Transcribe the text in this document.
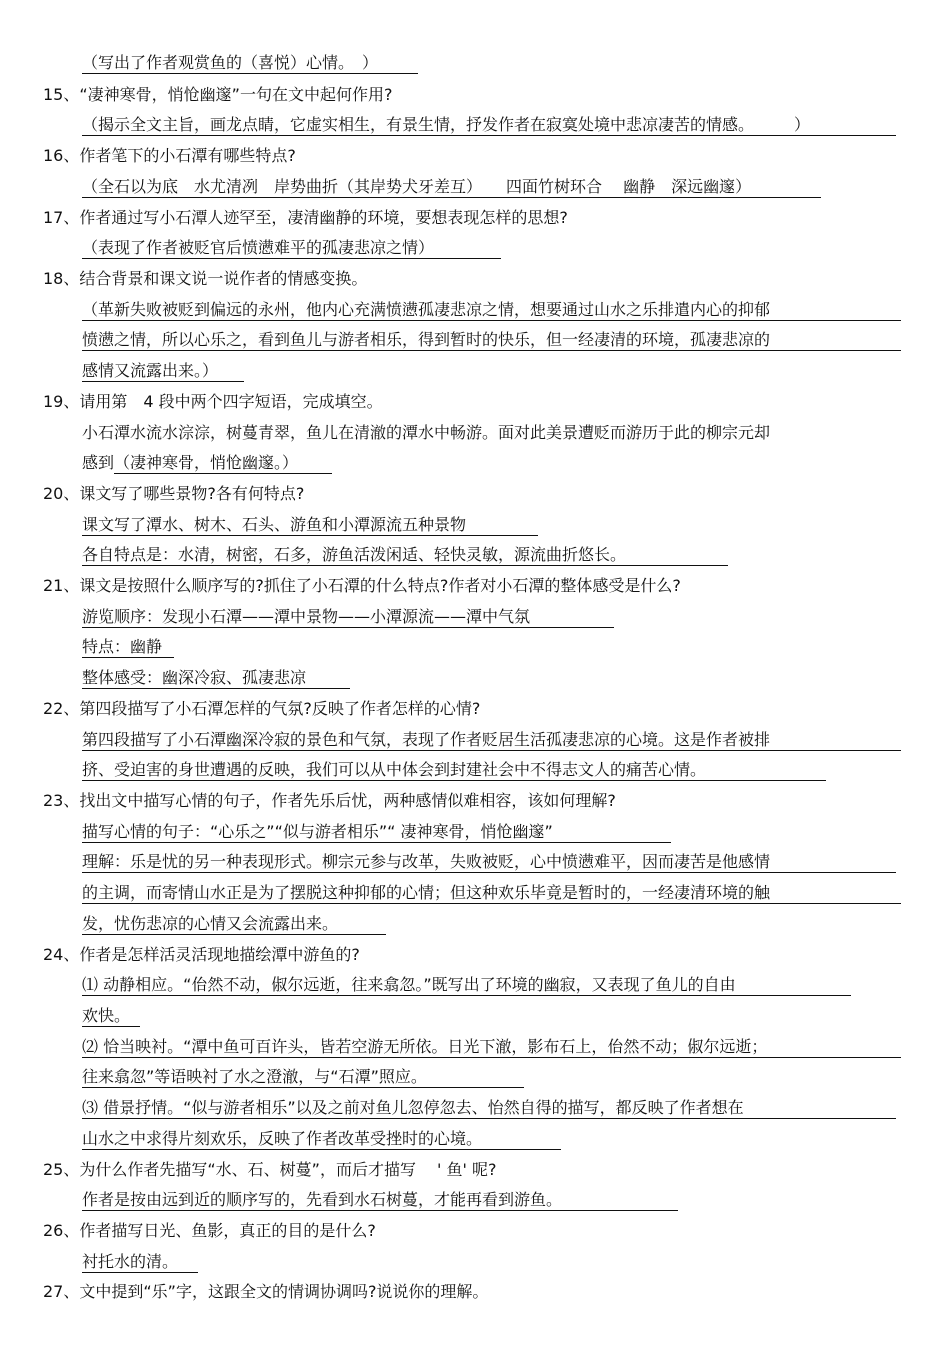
（写出了作者观赏鱼的（喜悦）心情。　）
15、“凄神寒骨，悄怆幽邃”一句在文中起何作用?
（揭示全文主旨，画龙点睛，它虚实相生，有景生情，抒发作者在寂寞处境中悲凉凄苦的情感。　　　）
16、作者笔下的小石潭有哪些特点?
（全石以为底　水尤清冽　岸势曲折（其岸势犬牙差互）　　四面竹树环合　 幽静　深远幽邃）
17、作者通过写小石潭人迹罕至，凄清幽静的环境，要想表现怎样的思想?
（表现了作者被贬官后愤懑难平的孤凄悲凉之情）
18、结合背景和课文说一说作者的情感变换。
（革新失败被贬到偏远的永州，他内心充满愤懑孤凄悲凉之情，想要通过山水之乐排遣内心的抑郁
愤懑之情，所以心乐之，看到鱼儿与游者相乐，得到暂时的快乐，但一经凄清的环境，孤凄悲凉的
感情又流露出来。）
19、请用第　4 段中两个四字短语，完成填空。
小石潭水流水淙淙，树蔓青翠，鱼儿在清澈的潭水中畅游。面对此美景遭贬而游历于此的柳宗元却
感到（凄神寒骨，悄怆幽邃。）
20、课文写了哪些景物?各有何特点?
课文写了潭水、树木、石头、游鱼和小潭源流五种景物
各自特点是：水清，树密，石多，游鱼活泼闲适、轻快灵敏，源流曲折悠长。
21、课文是按照什么顺序写的?抓住了小石潭的什么特点?作者对小石潭的整体感受是什么?
游览顺序：发现小石潭——潭中景物——小潭源流——潭中气氛
特点：幽静
整体感受：幽深冷寂、孤凄悲凉
22、第四段描写了小石潭怎样的气氛?反映了作者怎样的心情?
第四段描写了小石潭幽深冷寂的景色和气氛，表现了作者贬居生活孤凄悲凉的心境。这是作者被排
挤、受迫害的身世遭遇的反映，我们可以从中体会到封建社会中不得志文人的痛苦心情。
23、找出文中描写心情的句子，作者先乐后忧，两种感情似难相容，该如何理解?
描写心情的句子：“心乐之”“似与游者相乐”“ 凄神寒骨，悄怆幽邃”
理解：乐是忧的另一种表现形式。柳宗元参与改革，失败被贬，心中愤懑难平，因而凄苦是他感情
的主调，而寄情山水正是为了摆脱这种抑郁的心情；但这种欢乐毕竟是暂时的，一经凄清环境的触
发，忧伤悲凉的心情又会流露出来。
24、作者是怎样活灵活现地描绘潭中游鱼的?
⑴ 动静相应。“佁然不动，俶尔远逝，往来翕忽。”既写出了环境的幽寂，又表现了鱼儿的自由
欢快。
⑵ 恰当映衬。“潭中鱼可百许头，皆若空游无所依。日光下澈，影布石上，佁然不动；俶尔远逝；
往来翕忽”等语映衬了水之澄澈，与“石潭”照应。
⑶ 借景抒情。“似与游者相乐”以及之前对鱼儿忽停忽去、怡然自得的描写，都反映了作者想在
山水之中求得片刻欢乐，反映了作者改革受挫时的心境。
25、为什么作者先描写“水、石、树蔓”，而后才描写　 ' 鱼' 呢?
作者是按由远到近的顺序写的，先看到水石树蔓，才能再看到游鱼。
26、作者描写日光、鱼影，真正的目的是什么?
衬托水的清。
27、文中提到“乐”字，这跟全文的情调协调吗?说说你的理解。
